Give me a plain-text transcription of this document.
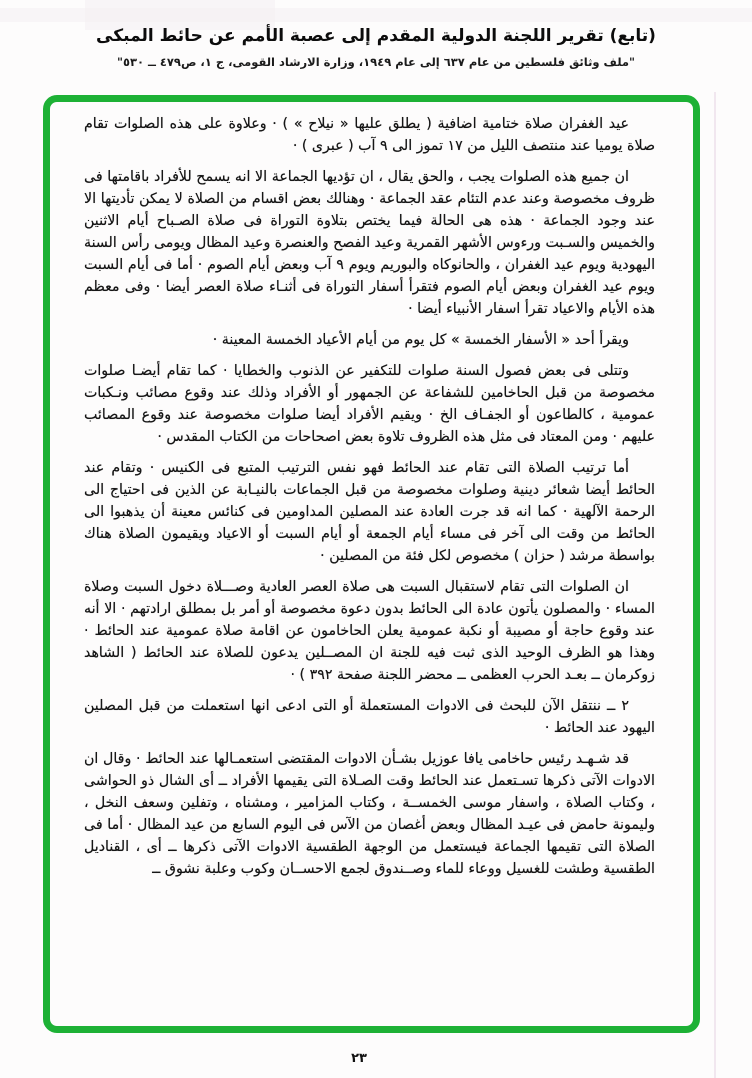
(تابع) تقرير اللجنة الدولية المقدم إلى عصبة الأمم عن حائط المبكى
"ملف وثائق فلسطين من عام ٦٣٧ إلى عام ١٩٤٩، وزارة الارشاد القومى، ج ١، ص٤٧٩ ــ ٥٣٠"

عيد الغفران صلاة ختامية اضافية ( يطلق عليها « نيلاح » ) · وعلاوة على هذه الصلوات تقام صلاة يوميا عند منتصف الليل من ١٧ تموز الى ٩ آب ( عبرى ) ·

ان جميع هذه الصلوات يجب ، والحق يقال ، ان تؤديها الجماعة الا انه يسمح للأفراد باقامتها فى ظروف مخصوصة وعند عدم التئام عقد الجماعة · وهنالك بعض اقسام من الصلاة لا يمكن تأديتها الا عند وجود الجماعة · هذه هى الحالة فيما يختص بتلاوة التوراة فى صلاة الصـباح أيام الاثنين والخميس والسـبت ورءوس الأشهر القمرية وعيد الفصح والعنصرة وعيد المظال ويومى رأس السنة اليهودية ويوم عيد الغفران ، والحانوكاه والبوريم ويوم ٩ آب وبعض أيام الصوم · أما فى أيام السبت ويوم عيد الغفران وبعض أيام الصوم فتقرأ أسفار التوراة فى أثنـاء صلاة العصر أيضا · وفى معظم هذه الأيام والاعياد تقرأ اسفار الأنبياء أيضا ·

ويقرأ أحد « الأسفار الخمسة » كل يوم من أيام الأعياد الخمسة المعينة ·

وتتلى فى بعض فصول السنة صلوات للتكفير عن الذنوب والخطايا · كما تقام أيضـا صلوات مخصوصة من قبل الحاخامين للشفاعة عن الجمهور أو الأفراد وذلك عند وقوع مصائب ونـكبات عمومية ، كالطاعون أو الجفـاف الخ · ويقيم الأفراد أيضا صلوات مخصوصة عند وقوع المصائب عليهم · ومن المعتاد فى مثل هذه الظروف تلاوة بعض اصحاحات من الكتاب المقدس ·

أما ترتيب الصلاة التى تقام عند الحائط فهو نفس الترتيب المتبع فى الكنيس · وتقام عند الحائط أيضا شعائر دينية وصلوات مخصوصة من قبل الجماعات بالنيـابة عن الذين فى احتياج الى الرحمة الآلهية · كما انه قد جرت العادة عند المصلين المداومين فى كنائس معينة أن يذهبوا الى الحائط من وقت الى آخر فى مساء أيام الجمعة أو أيام السبت أو الاعياد ويقيمون الصلاة هناك بواسطة مرشد ( حزان ) مخصوص لكل فئة من المصلين ·

ان الصلوات التى تقام لاستقبال السبت هى صلاة العصر العادية وصـــلاة دخول السبت وصلاة المساء · والمصلون يأتون عادة الى الحائط بدون دعوة مخصوصة أو أمر بل بمطلق ارادتهم · الا أنه عند وقوع حاجة أو مصيبة أو نكبة عمومية يعلن الحاخامون عن اقامة صلاة عمومية عند الحائط · وهذا هو الظرف الوحيد الذى ثبت فيه للجنة ان المصــلين يدعون للصلاة عند الحائط ( الشاهد زوكرمان ــ بعـد الحرب العظمى ــ محضر اللجنة صفحة ٣٩٢ ) ·

٢ ــ ننتقل الآن للبحث فى الادوات المستعملة أو التى ادعى انها استعملت من قبل المصلين اليهود عند الحائط ·

قد شـهـد رئيس حاخامى يافا عوزيل بشـأن الادوات المقتضى استعمـالها عند الحائط · وقال ان الادوات الآتى ذكرها تسـتعمل عند الحائط وقت الصـلاة التى يقيمها الأفراد ــ أى الشال ذو الحواشى ، وكتاب الصلاة ، واسفار موسى الخمســة ، وكتاب المزامير ، ومشناه ، وتفلين وسعف النخل ، وليمونة حامض فى عيـد المظال وبعض أغصان من الآس فى اليوم السابع من عيد المظال · أما فى الصلاة التى تقيمها الجماعة فيستعمل من الوجهة الطقسية الادوات الآتى ذكرها ــ أى ، القناديل الطقسية وطشت للغسيل ووعاء للماء وصــندوق لجمع الاحســان وكوب وعلبة نشوق ــ

٢٣
